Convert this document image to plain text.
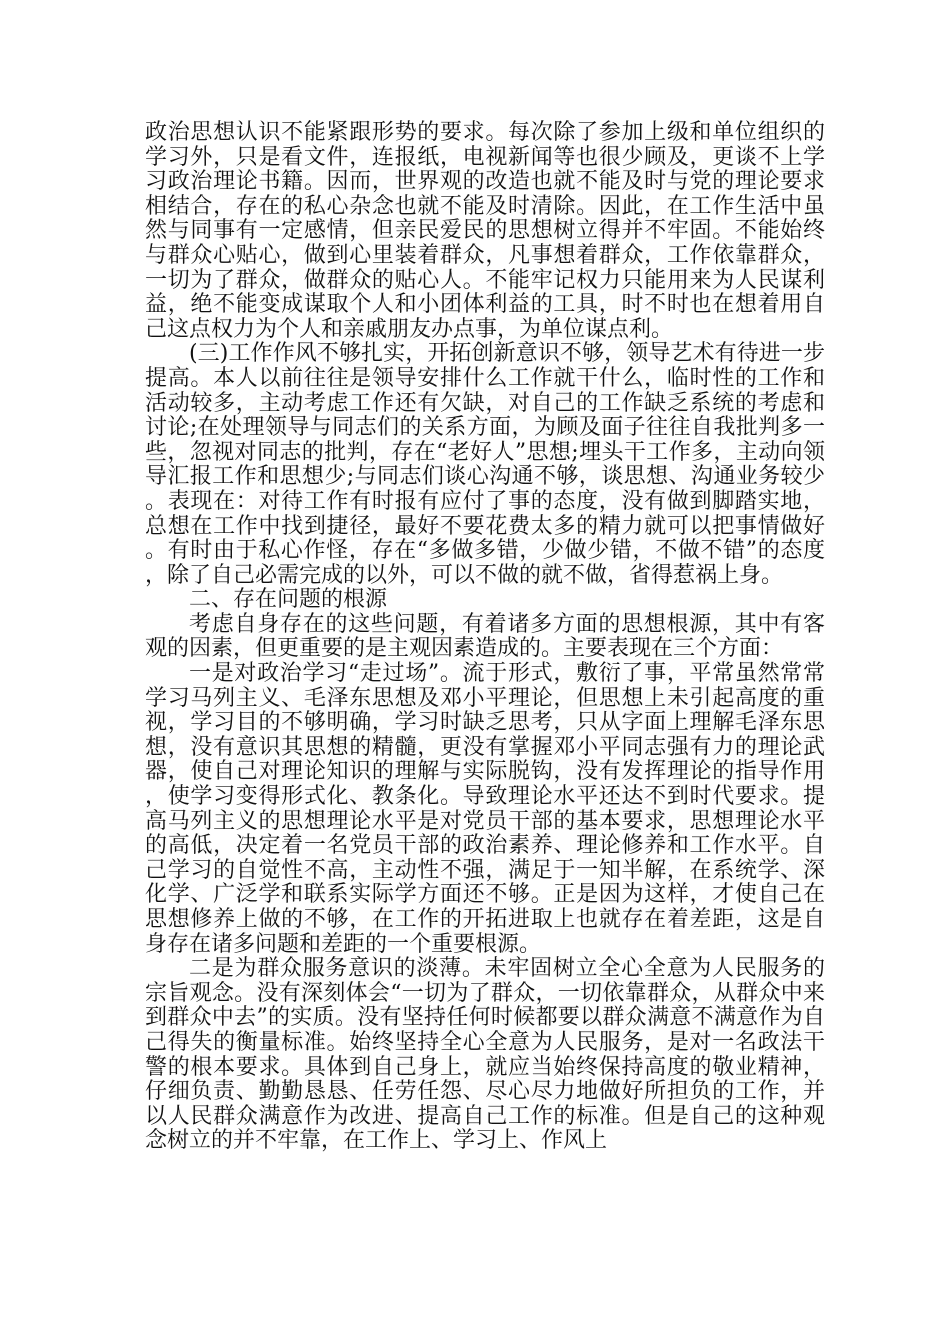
政治思想认识不能紧跟形势的要求。每次除了参加上级和单位组织的学习外，只是看文件，连报纸，电视新闻等也很少顾及，更谈不上学习政治理论书籍。因而，世界观的改造也就不能及时与党的理论要求相结合，存在的私心杂念也就不能及时清除。因此，在工作生活中虽然与同事有一定感情，但亲民爱民的思想树立得并不牢固。不能始终与群众心贴心，做到心里装着群众，凡事想着群众，工作依靠群众，一切为了群众，做群众的贴心人。不能牢记权力只能用来为人民谋利益，绝不能变成谋取个人和小团体利益的工具，时不时也在想着用自己这点权力为个人和亲戚朋友办点事，为单位谋点利。

(三)工作作风不够扎实，开拓创新意识不够，领导艺术有待进一步提高。本人以前往往是领导安排什么工作就干什么，临时性的工作和活动较多，主动考虑工作还有欠缺，对自己的工作缺乏系统的考虑和讨论;在处理领导与同志们的关系方面，为顾及面子往往自我批判多一些，忽视对同志的批判，存在“老好人”思想;埋头干工作多，主动向领导汇报工作和思想少;与同志们谈心沟通不够，谈思想、沟通业务较少。表现在：对待工作有时报有应付了事的态度，没有做到脚踏实地，总想在工作中找到捷径，最好不要花费太多的精力就可以把事情做好。有时由于私心作怪，存在“多做多错，少做少错，不做不错”的态度，除了自己必需完成的以外，可以不做的就不做，省得惹祸上身。

二、存在问题的根源

考虑自身存在的这些问题，有着诸多方面的思想根源，其中有客观的因素，但更重要的是主观因素造成的。主要表现在三个方面：

一是对政治学习“走过场”。流于形式，敷衍了事，平常虽然常常学习马列主义、毛泽东思想及邓小平理论，但思想上未引起高度的重视，学习目的不够明确，学习时缺乏思考，只从字面上理解毛泽东思想，没有意识其思想的精髓，更没有掌握邓小平同志强有力的理论武器，使自己对理论知识的理解与实际脱钩，没有发挥理论的指导作用，使学习变得形式化、教条化。导致理论水平还达不到时代要求。提高马列主义的思想理论水平是对党员干部的基本要求，思想理论水平的高低，决定着一名党员干部的政治素养、理论修养和工作水平。自己学习的自觉性不高，主动性不强，满足于一知半解，在系统学、深化学、广泛学和联系实际学方面还不够。正是因为这样，才使自己在思想修养上做的不够，在工作的开拓进取上也就存在着差距，这是自身存在诸多问题和差距的一个重要根源。

二是为群众服务意识的淡薄。未牢固树立全心全意为人民服务的宗旨观念。没有深刻体会“一切为了群众，一切依靠群众，从群众中来到群众中去”的实质。没有坚持任何时候都要以群众满意不满意作为自己得失的衡量标准。始终坚持全心全意为人民服务，是对一名政法干警的根本要求。具体到自己身上，就应当始终保持高度的敬业精神，仔细负责、勤勤恳恳、任劳任怨、尽心尽力地做好所担负的工作，并以人民群众满意作为改进、提高自己工作的标准。但是自己的这种观念树立的并不牢靠，在工作上、学习上、作风上
